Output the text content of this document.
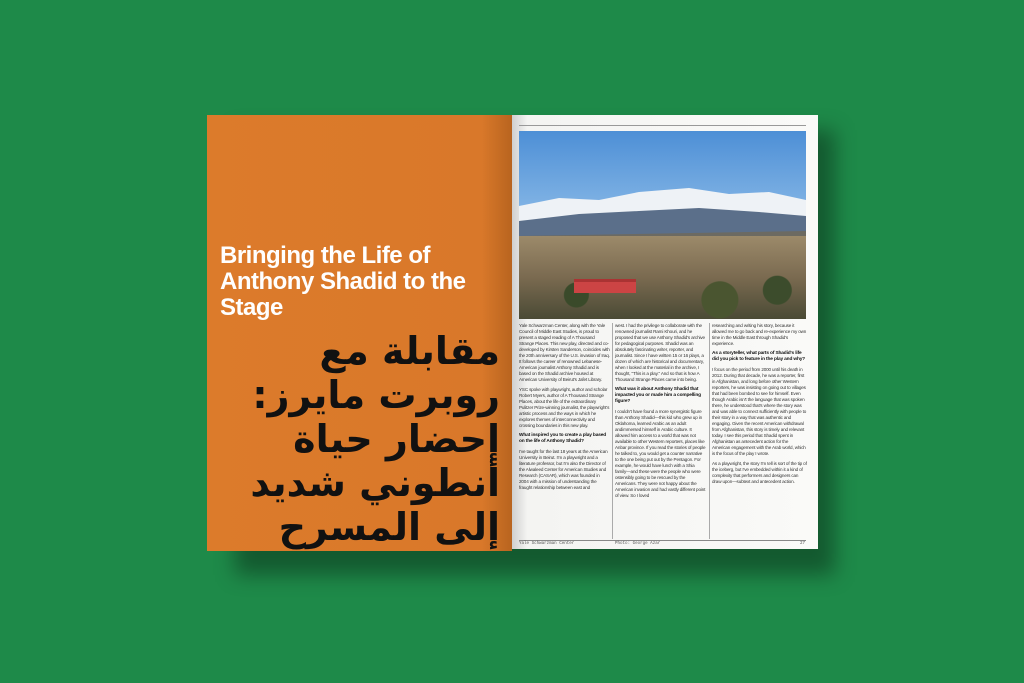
Bringing the Life of Anthony Shadid to the Stage
مقابلة مع روبرت مايرز: إحضار حياة أنطوني شديد إلى المسرح

Yale Schwarzman Center, along with the Yale Council of Middle East Studies, is proud to present a staged reading of A Thousand Strange Places. This new play, directed and co-developed by Kirsten Sanderson, coincides with the 20th anniversary of the U.S. invasion of Iraq. It follows the career of renowned Lebanese-American journalist Anthony Shadid and is based on the Shadid archive housed at American University of Beirut's Jafet Library.

YSC spoke with playwright, author and scholar Robert Myers, author of A Thousand Strange Places, about the life of the extraordinary Pulitzer Prize-winning journalist, the playwright's artistic process and the ways in which he explores themes of interconnectivity and crossing boundaries in this new play.

What inspired you to create a play based on the life of Anthony Shadid?

I've taught for the last 18 years at the American University in Beirut. I'm a playwright and a literature professor, but I'm also the Director of the Alwaleed Center for American Studies and Research (CASAR), which was founded in 2004 with a mission of understanding the fraught relationship between east and

west. I had the privilege to collaborate with the renowned journalist Rami Khouri, and he proposed that we use Anthony Shadid's archive for pedagogical purposes. Shadid was an absolutely fascinating writer, reporter, and journalist. Since I have written 15 or 16 plays, a dozen of which are historical and documentary, when I looked at the material in the archive, I thought, "This is a play." And so that is how A Thousand Strange Places came into being.

What was it about Anthony Shadid that impacted you or made him a compelling figure?

I couldn't have found a more synergistic figure than Anthony Shadid—this kid who grew up in Oklahoma, learned Arabic as an adult andimmersed himself in Arabic culture. It allowed him access to a world that was not available to other Western reporters, places like Anbar province. If you read the stories of people he talked to, you would get a counter narrative to the one being put out by the Pentagon. For example, he would have lunch with a Shia family—and these were the people who were ostensibly going to be rescued by the Americans. They were not happy about the American invasion and had vastly different point of view. So I loved

researching and writing his story, because it allowed me to go back and re-experience my own time in the Middle East through Shadid's experience.

As a storyteller, what parts of Shadid's life did you pick to feature in the play and why?

I focus on the period from 2000 until his death in 2012. During that decade, he was a reporter, first in Afghanistan, and long before other Western reporters, he was insisting on going out to villages that had been bombed to see for himself. Even though Arabic isn't the language that was spoken there, he understood that's where the story was and was able to connect sufficiently with people to their story in a way that was authentic and engaging. Given the recent American withdrawal from Afghanistan, this story is timely and relevant today. I see this period that Shadid spent in Afghanistan as antecedent action for the American engagement with the Arab world, which is the focus of the play I wrote.

As a playwright, the story I'm tell is sort of the tip of the iceberg, but I've embedded within it a kind of complexity that performers and designers can draw upon—subtext and antecedent action.

Yale Schwarzman Center	Photo: George Azar	27
